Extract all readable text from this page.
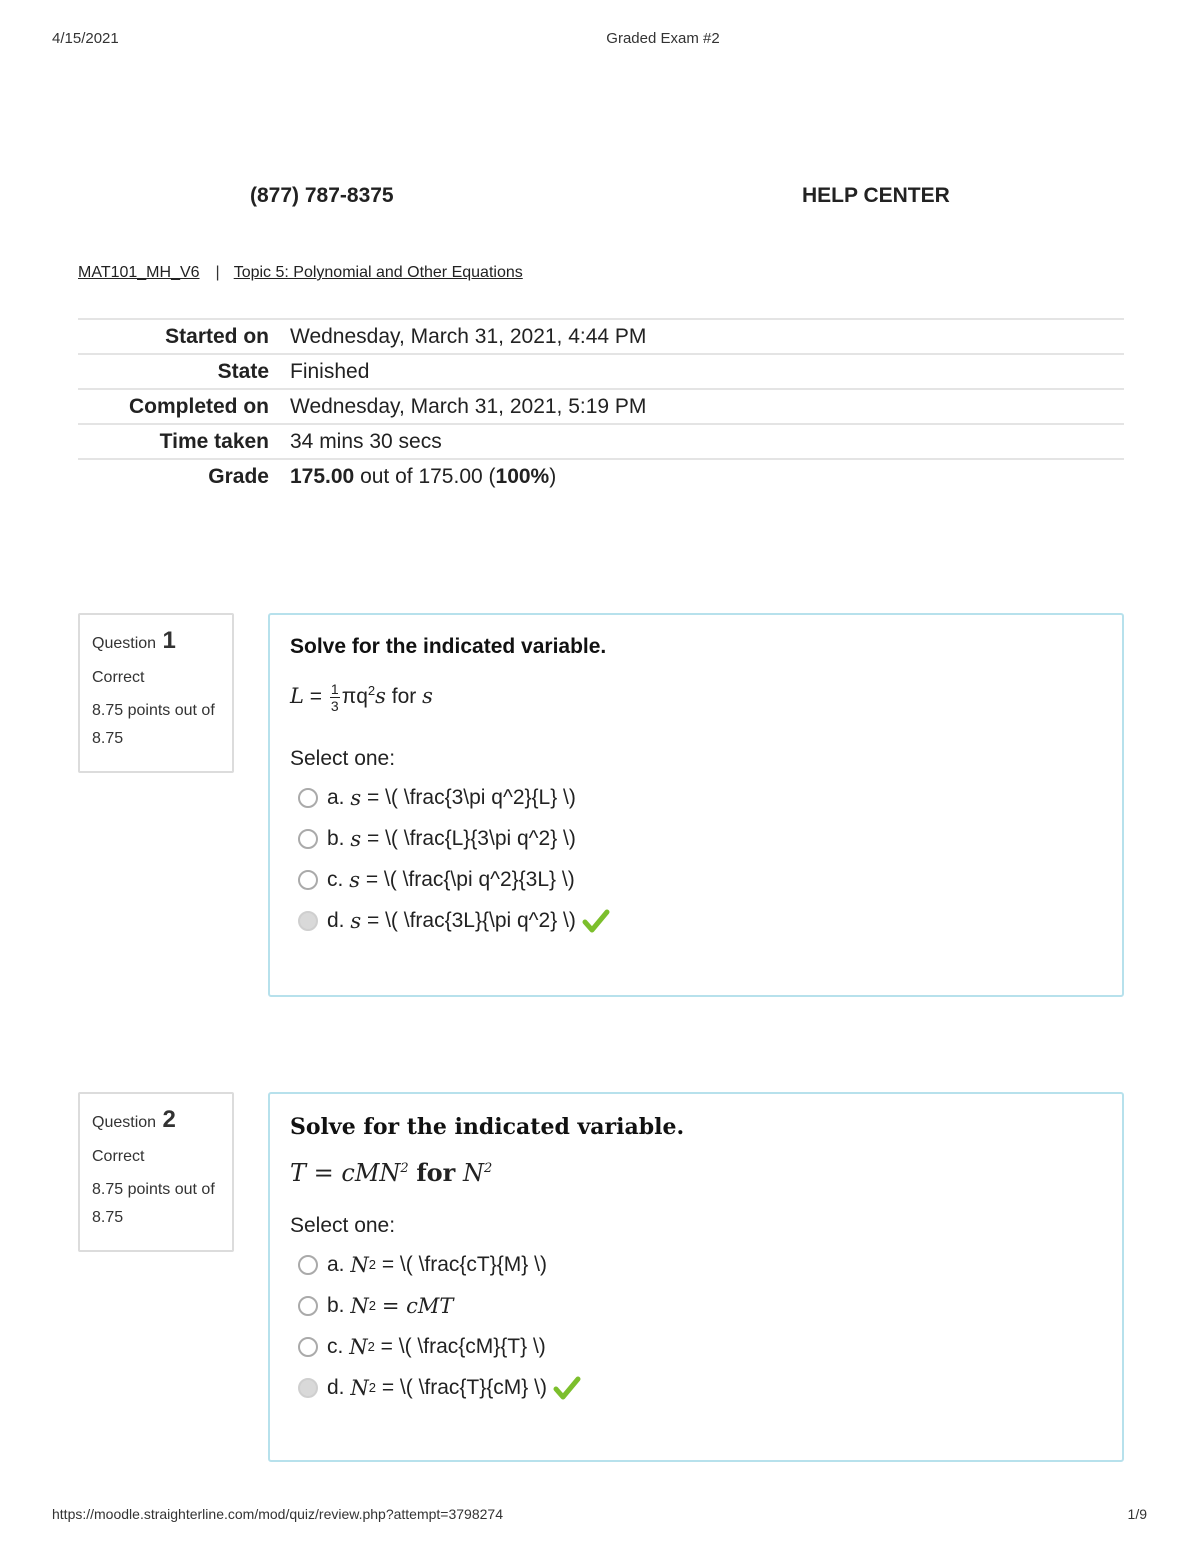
4/15/2021	Graded Exam #2
(877) 787-8375	HELP CENTER
MAT101_MH_V6 | Topic 5: Polynomial and Other Equations
Started on	Wednesday, March 31, 2021, 4:44 PM
State	Finished
Completed on	Wednesday, March 31, 2021, 5:19 PM
Time taken	34 mins 30 secs
Grade	175.00 out of 175.00 (100%)
Question 1
Correct
8.75 points out of 8.75
Solve for the indicated variable.
$L = \frac{1}{3} \pi q^2s$ for s
Select one:
a.
s
= \( \frac{3\pi q^2}{L} \)
b.
s
= \( \frac{L}{3\pi q^2} \)
c.
s
= \( \frac{\pi q^2}{3L} \)
d.
s
= \( \frac{3L}{\pi q^2} \)
Question 2
Correct
8.75 points out of 8.75
Solve for the indicated variable.
T = cMN$^2$ for $N^2$
Select one:
a.
N 2
= \( \frac{cT}{M} \)
b.
N 2
= cMT
c.
N 2
= \( \frac{cM}{T} \)
d.
N 2
= \( \frac{T}{cM} \)
https://moodle.straighterline.com/mod/quiz/review.php?attempt=3798274	1/9
